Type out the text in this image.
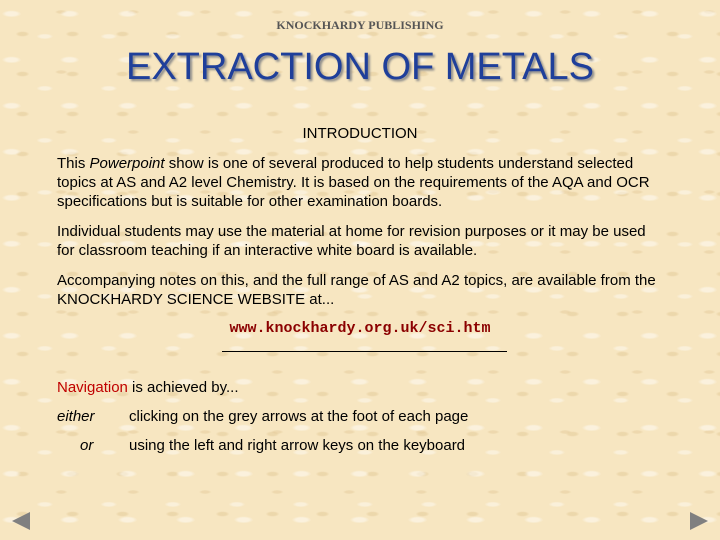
KNOCKHARDY PUBLISHING
EXTRACTION OF METALS
INTRODUCTION
This Powerpoint show is one of several produced to help students understand selected topics at AS and A2 level Chemistry. It is based on the requirements of the AQA and OCR specifications but is suitable for other examination boards.
Individual students may use the material at home for revision purposes or it may be used for classroom teaching if an interactive white board is available.
Accompanying notes on this, and the full range of AS and A2 topics, are available from the KNOCKHARDY SCIENCE WEBSITE at...
www.knockhardy.org.uk/sci.htm
Navigation is achieved by...
either clicking on the grey arrows at the foot of each page
or using the left and right arrow keys on the keyboard
